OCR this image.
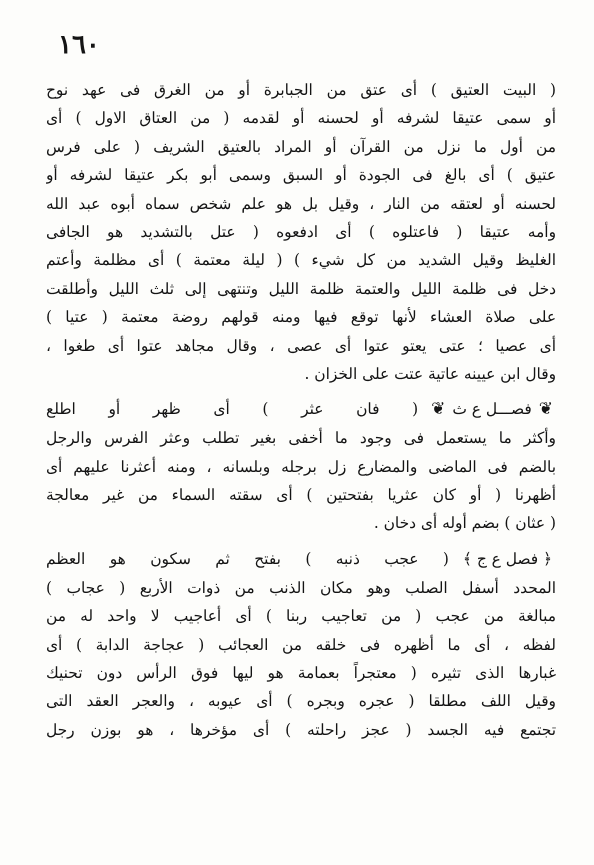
١٦٠
( البيت العتيق ) أى عتق من الجبابرة أو من الغرق فى عهد نوح
أو سمى عتيقا لشرفه أو لحسنه أو لقدمه ( من العتاق الاول ) أى
من أول ما نزل من القرآن أو المراد بالعتيق الشريف ( على فرس
عتيق ) أى بالغ فى الجودة أو السبق وسمى أبو بكر عتيقا لشرفه أو
لحسنه أو لعتقه من النار ، وقيل بل هو علم شخص سماه أبوه عبد الله
وأمه عتيقا ( فاعتلوه ) أى ادفعوه ( عتل بالتشديد هو الجافى
الغليظ وقيل الشديد من كل شيء ) ( ليلة معتمة ) أى مظلمة وأعتم
دخل فى ظلمة الليل والعتمة ظلمة الليل وتنتهى إلى ثلث الليل وأطلقت
على صلاة العشاء لأنها توقع فيها ومنه قولهم روضة معتمة ( عتيا )
أى عصيا ؛ عتى يعتو عتوا أى عصى ، وقال مجاهد عتوا أى طغوا ،
وقال ابن عيينه عاتية عتت على الخزان .
❦
فصـــل ع ث
❦
( فان عثر ) أى ظهر أو اطلع
وأكثر ما يستعمل فى وجود ما أخفى بغير تطلب وعثر الفرس والرجل
بالضم فى الماضى والمضارع زل برجله وبلسانه ، ومنه أعثرنا عليهم أى
أظهرنا ( أو كان عثريا بفتحتين ) أى سقته السماء من غير معالجة
( عثان ) بضم أوله أى دخان .
﴿ فصل ع ج ﴾
( عجب ذنبه ) بفتح ثم سكون هو العظم
المحدد أسفل الصلب وهو مكان الذنب من ذوات الأربع ( عجاب )
مبالغة من عجب ( من تعاجيب ربنا ) أى أعاجيب لا واحد له من
لفظه ، أى ما أظهره فى خلقه من العجائب ( عجاجة الدابة ) أى
غبارها الذى تثيره ( معتجراً بعمامة هو ليها فوق الرأس دون تحنيك
وقيل اللف مطلقا ( عجره وبجره ) أى عيوبه ، والعجر العقد التى
تجتمع فيه الجسد ( عجز راحلته ) أى مؤخرها ، هو بوزن رجل
